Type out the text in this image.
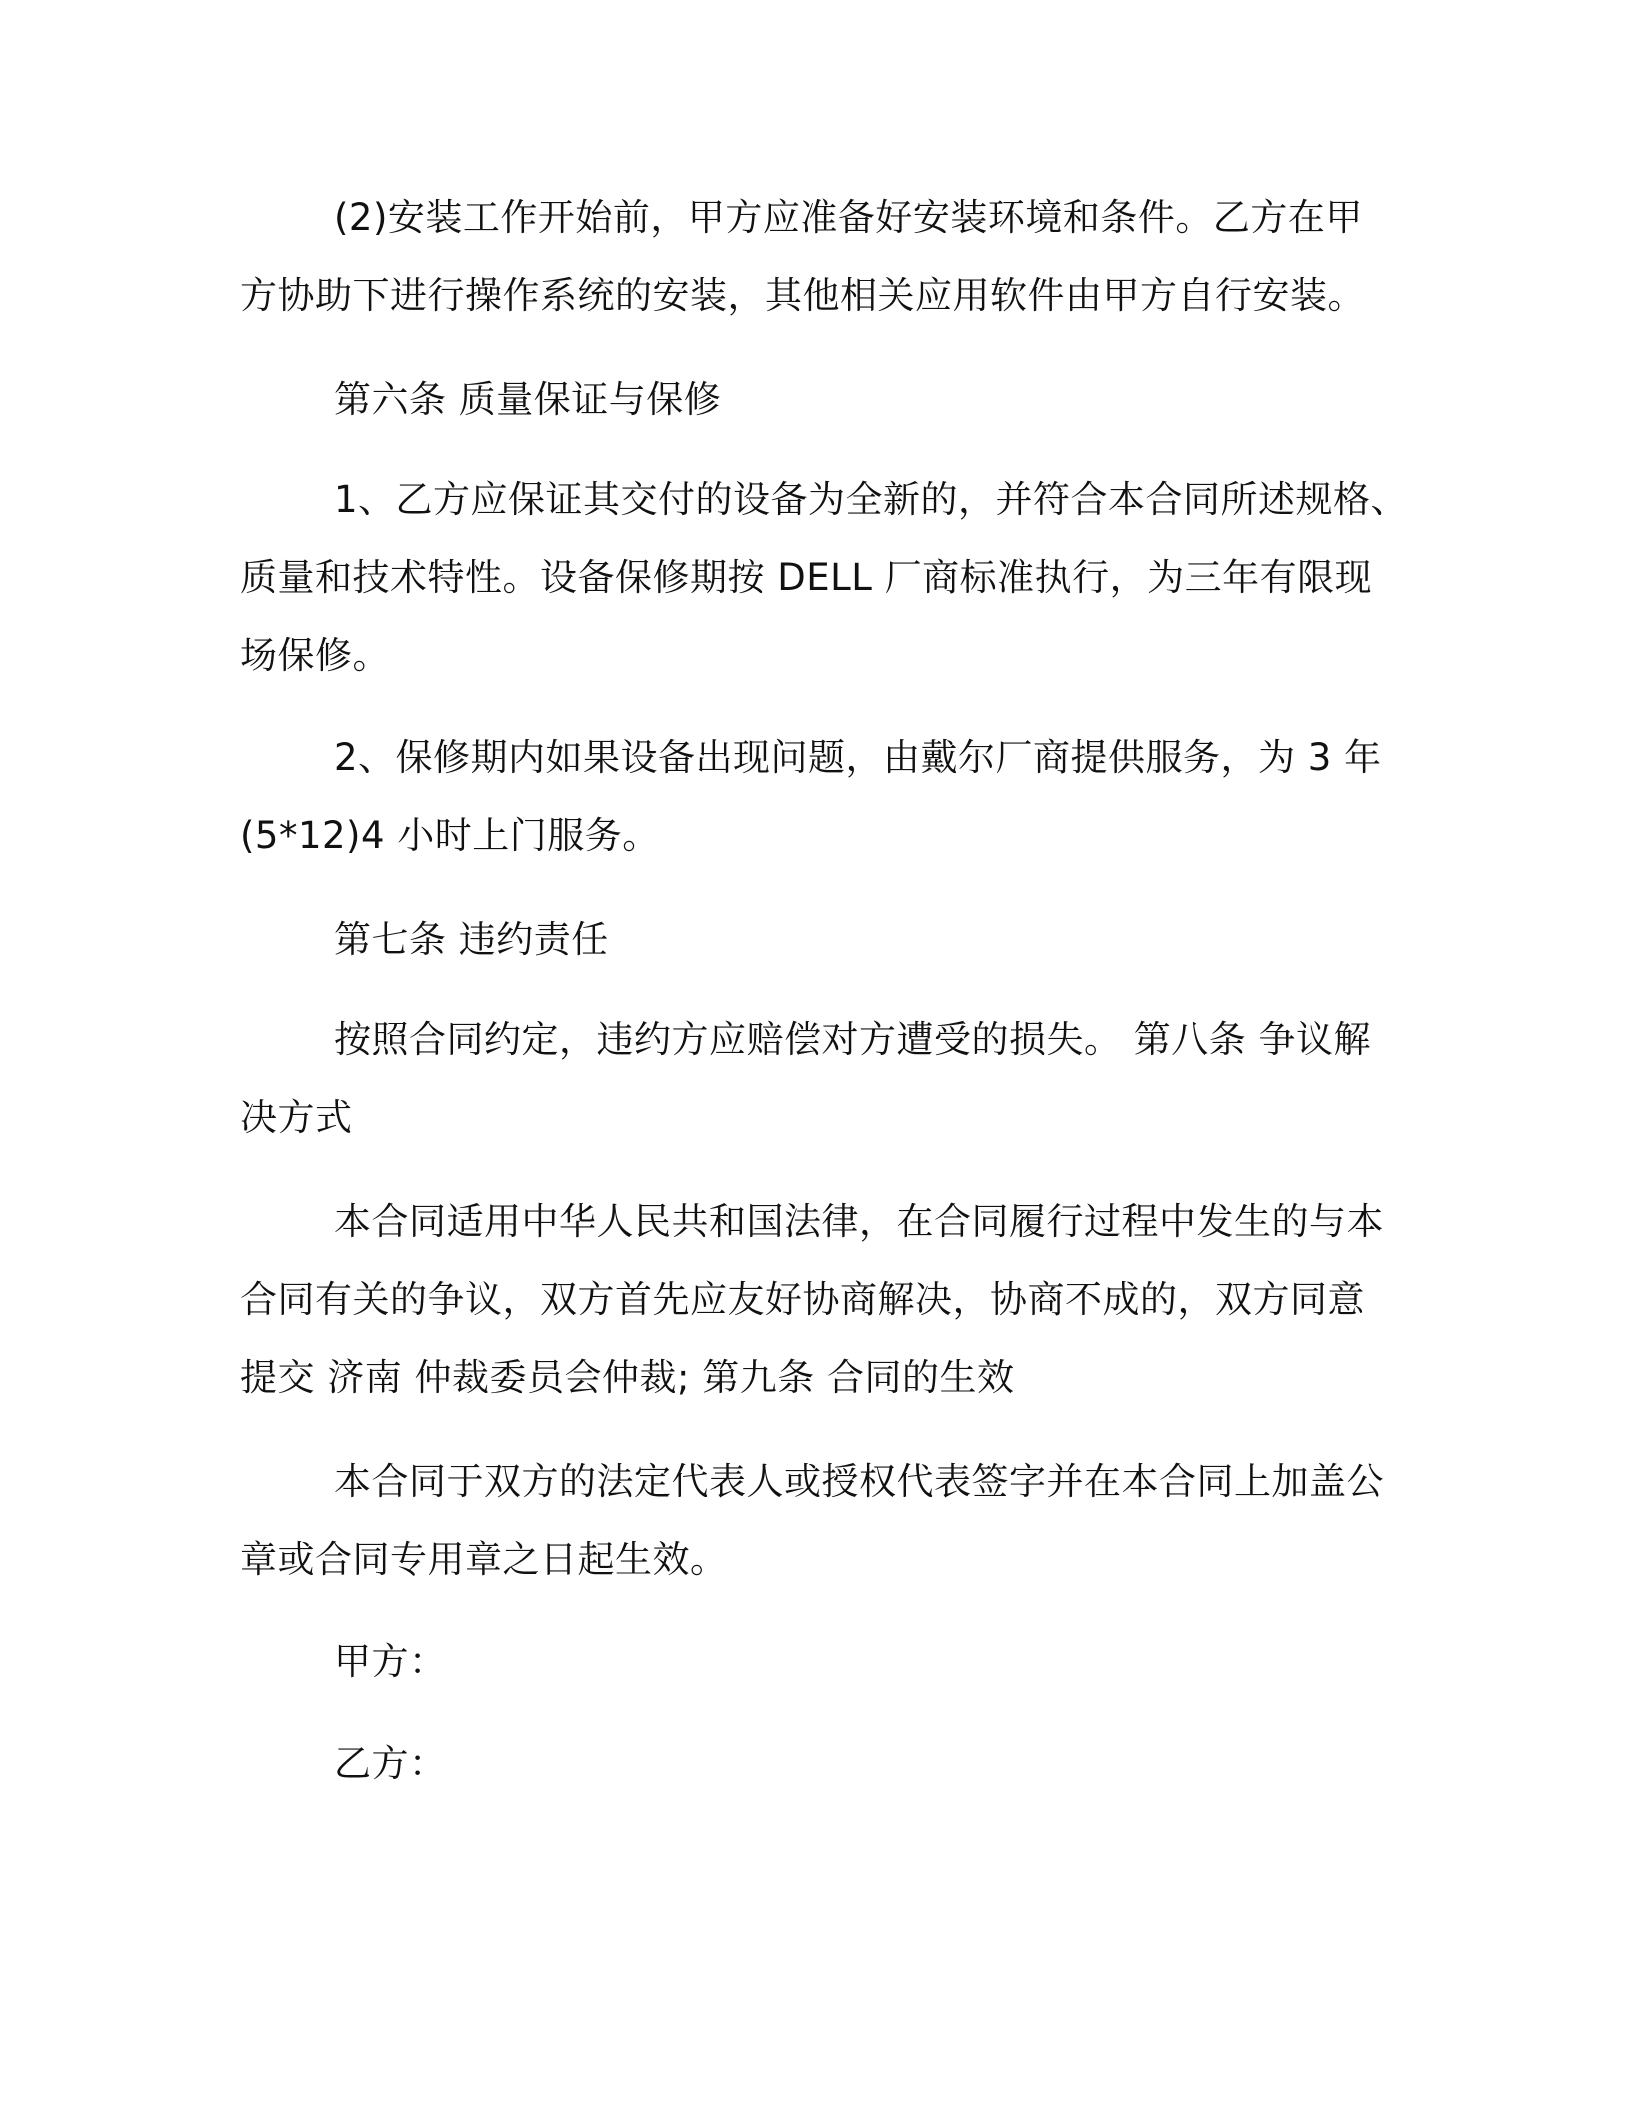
(2)安装工作开始前，甲方应准备好安装环境和条件。乙方在甲
方协助下进行操作系统的安装，其他相关应用软件由甲方自行安装。
第六条 质量保证与保修
1、乙方应保证其交付的设备为全新的，并符合本合同所述规格、
质量和技术特性。设备保修期按 DELL 厂商标准执行，为三年有限现
场保修。
2、保修期内如果设备出现问题，由戴尔厂商提供服务，为 3 年
(5*12)4 小时上门服务。
第七条 违约责任
按照合同约定，违约方应赔偿对方遭受的损失。 第八条 争议解
决方式
本合同适用中华人民共和国法律，在合同履行过程中发生的与本
合同有关的争议，双方首先应友好协商解决，协商不成的，双方同意
提交 济南 仲裁委员会仲裁; 第九条 合同的生效
本合同于双方的法定代表人或授权代表签字并在本合同上加盖公
章或合同专用章之日起生效。
甲方：
乙方：
